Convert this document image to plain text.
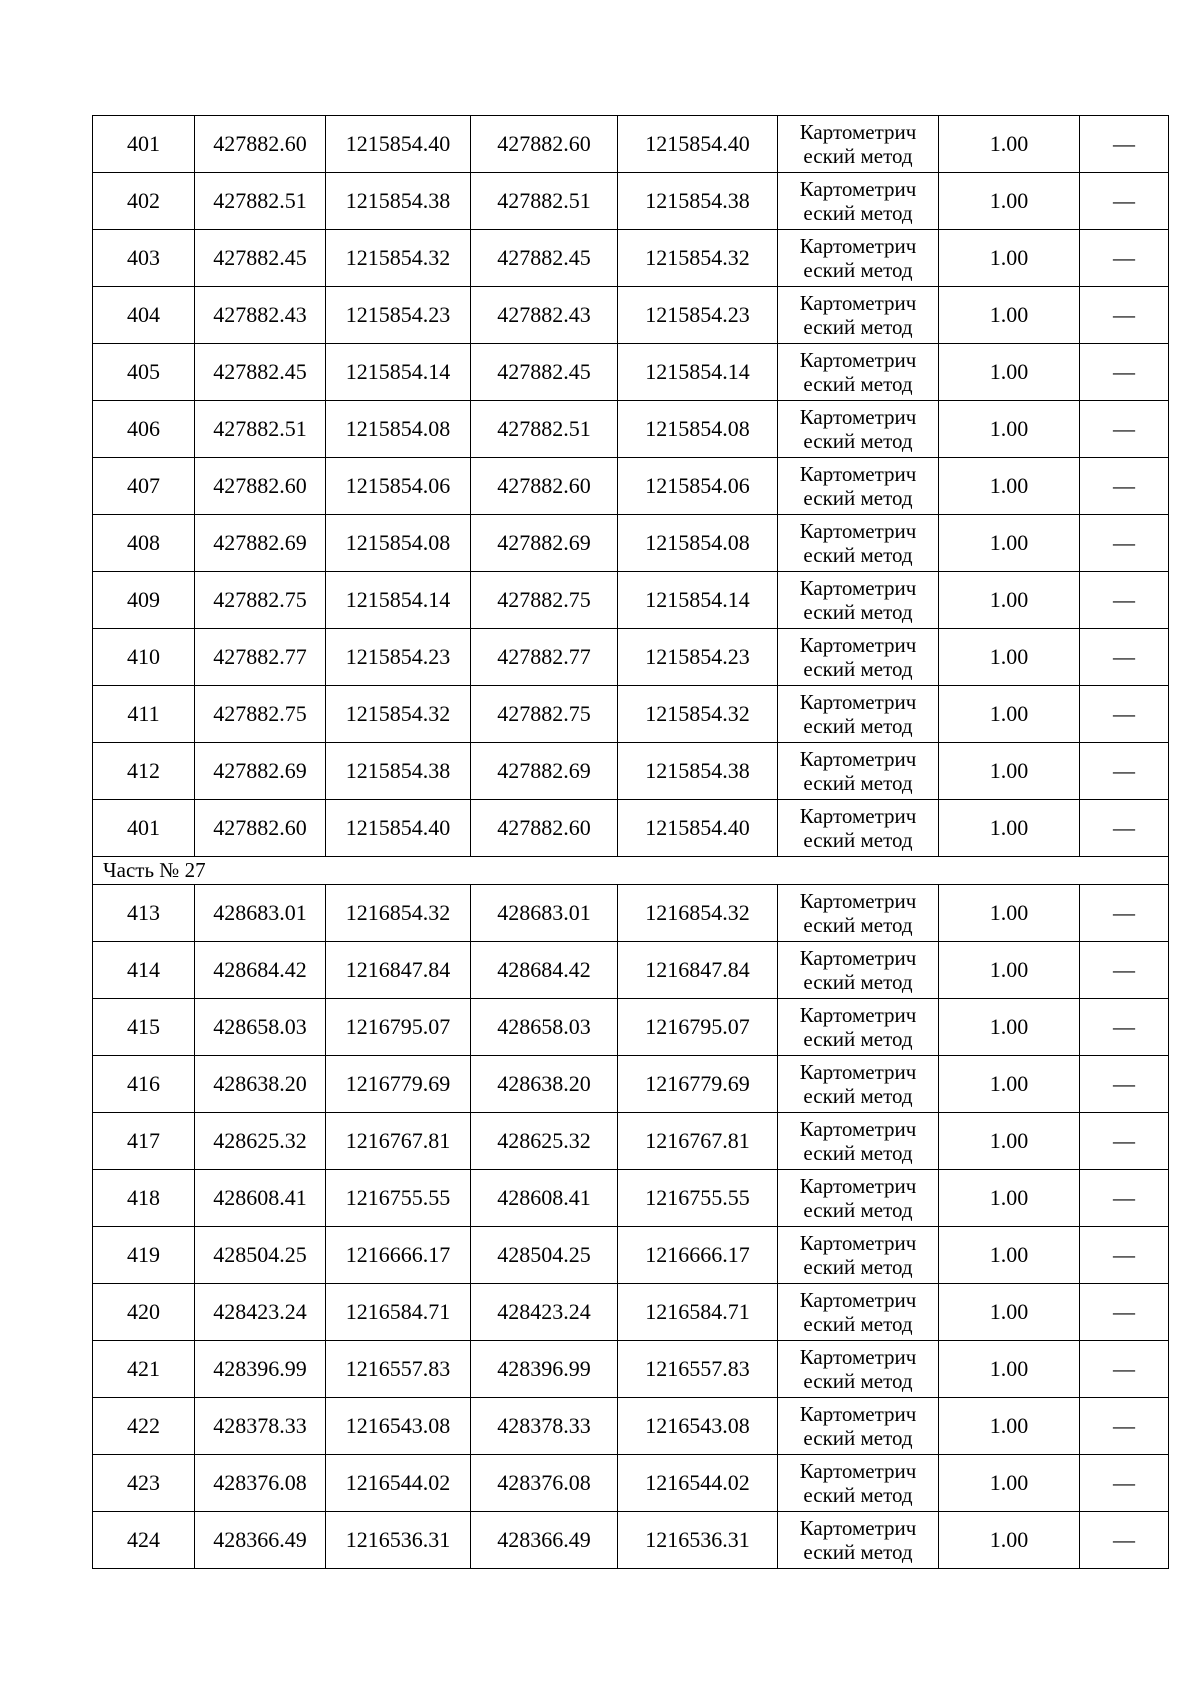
401	427882.60	1215854.40	427882.60	1215854.40	Картометрич еский метод	1.00	—
402	427882.51	1215854.38	427882.51	1215854.38	Картометрич еский метод	1.00	—
403	427882.45	1215854.32	427882.45	1215854.32	Картометрич еский метод	1.00	—
404	427882.43	1215854.23	427882.43	1215854.23	Картометрич еский метод	1.00	—
405	427882.45	1215854.14	427882.45	1215854.14	Картометрич еский метод	1.00	—
406	427882.51	1215854.08	427882.51	1215854.08	Картометрич еский метод	1.00	—
407	427882.60	1215854.06	427882.60	1215854.06	Картометрич еский метод	1.00	—
408	427882.69	1215854.08	427882.69	1215854.08	Картометрич еский метод	1.00	—
409	427882.75	1215854.14	427882.75	1215854.14	Картометрич еский метод	1.00	—
410	427882.77	1215854.23	427882.77	1215854.23	Картометрич еский метод	1.00	—
411	427882.75	1215854.32	427882.75	1215854.32	Картометрич еский метод	1.00	—
412	427882.69	1215854.38	427882.69	1215854.38	Картометрич еский метод	1.00	—
401	427882.60	1215854.40	427882.60	1215854.40	Картометрич еский метод	1.00	—
Часть № 27							
413	428683.01	1216854.32	428683.01	1216854.32	Картометрич еский метод	1.00	—
414	428684.42	1216847.84	428684.42	1216847.84	Картометрич еский метод	1.00	—
415	428658.03	1216795.07	428658.03	1216795.07	Картометрич еский метод	1.00	—
416	428638.20	1216779.69	428638.20	1216779.69	Картометрич еский метод	1.00	—
417	428625.32	1216767.81	428625.32	1216767.81	Картометрич еский метод	1.00	—
418	428608.41	1216755.55	428608.41	1216755.55	Картометрич еский метод	1.00	—
419	428504.25	1216666.17	428504.25	1216666.17	Картометрич еский метод	1.00	—
420	428423.24	1216584.71	428423.24	1216584.71	Картометрич еский метод	1.00	—
421	428396.99	1216557.83	428396.99	1216557.83	Картометрич еский метод	1.00	—
422	428378.33	1216543.08	428378.33	1216543.08	Картометрич еский метод	1.00	—
423	428376.08	1216544.02	428376.08	1216544.02	Картометрич еский метод	1.00	—
424	428366.49	1216536.31	428366.49	1216536.31	Картометрич еский метод	1.00	—
